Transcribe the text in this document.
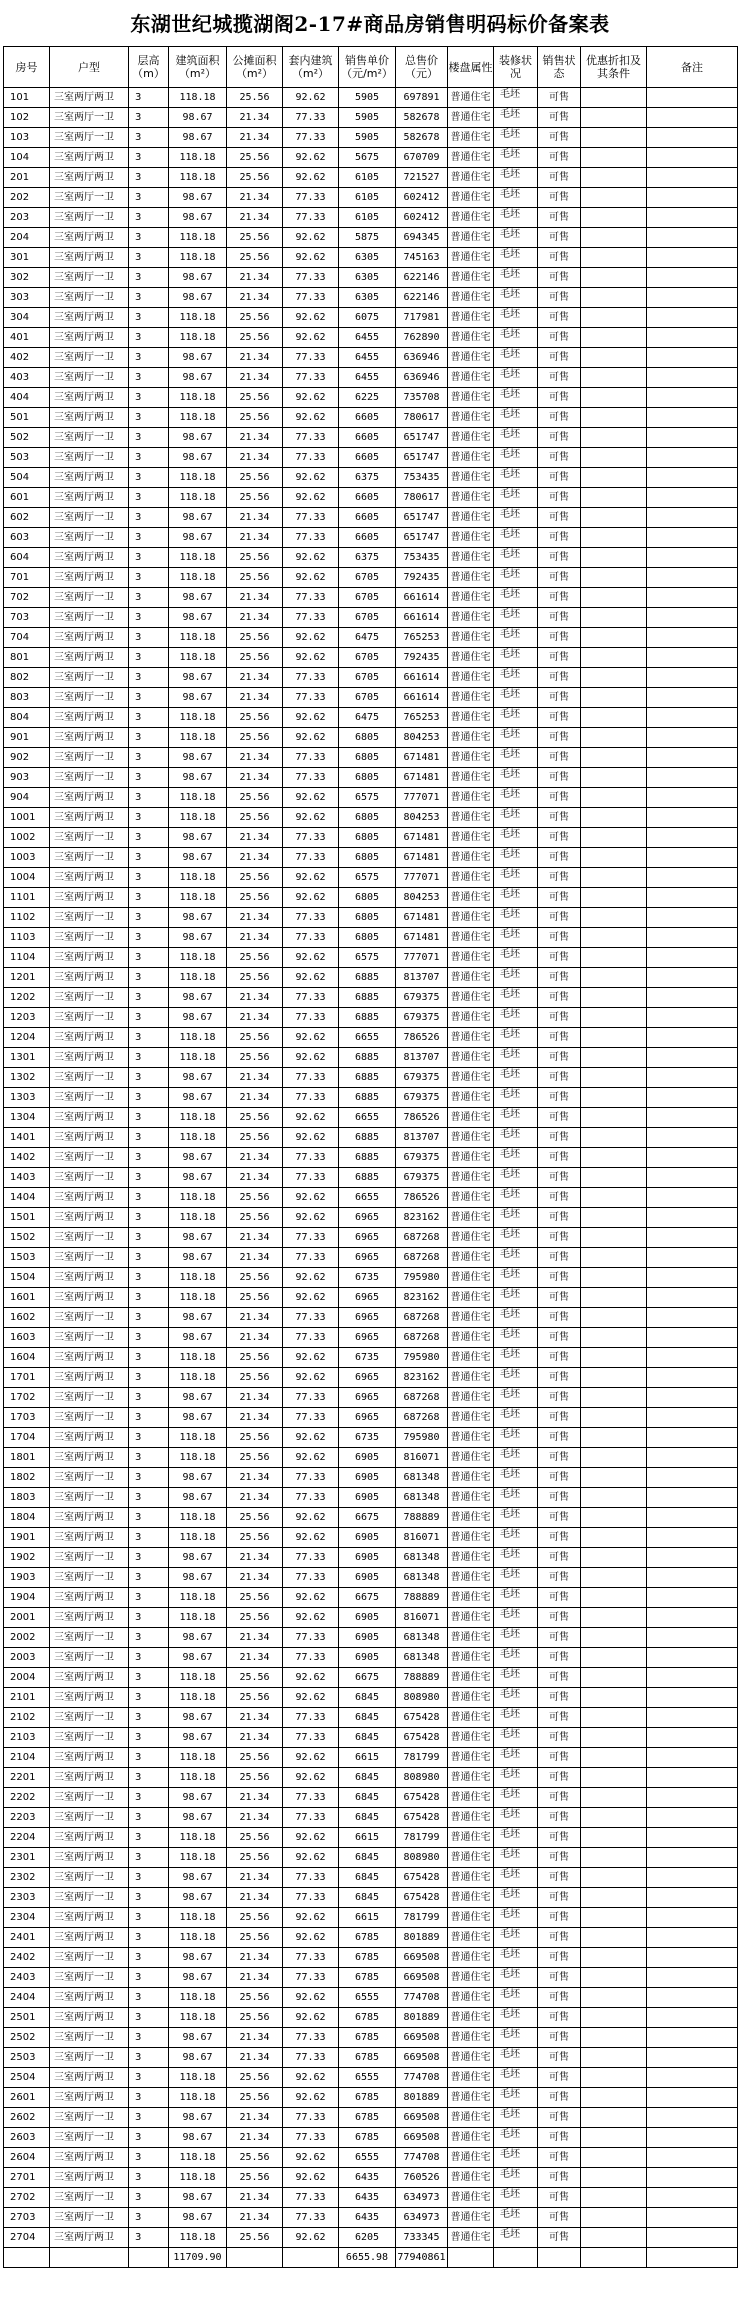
东湖世纪城揽湖阁2-17#商品房销售明码标价备案表
房号	户型	层高（m）	建筑面积（m²）	公摊面积（m²）	套内建筑（m²）	销售单价（元/m²）	总售价（元）	楼盘属性	装修状况	销售状态	优惠折扣及其条件	备注
101	三室两厅两卫	3	118.18	25.56	92.62	5905	697891	普通住宅	毛坯	可售		
102	三室两厅一卫	3	98.67	21.34	77.33	5905	582678	普通住宅	毛坯	可售		
103	三室两厅一卫	3	98.67	21.34	77.33	5905	582678	普通住宅	毛坯	可售		
104	三室两厅两卫	3	118.18	25.56	92.62	5675	670709	普通住宅	毛坯	可售		
201	三室两厅两卫	3	118.18	25.56	92.62	6105	721527	普通住宅	毛坯	可售		
202	三室两厅一卫	3	98.67	21.34	77.33	6105	602412	普通住宅	毛坯	可售		
203	三室两厅一卫	3	98.67	21.34	77.33	6105	602412	普通住宅	毛坯	可售		
204	三室两厅两卫	3	118.18	25.56	92.62	5875	694345	普通住宅	毛坯	可售		
301	三室两厅两卫	3	118.18	25.56	92.62	6305	745163	普通住宅	毛坯	可售		
302	三室两厅一卫	3	98.67	21.34	77.33	6305	622146	普通住宅	毛坯	可售		
303	三室两厅一卫	3	98.67	21.34	77.33	6305	622146	普通住宅	毛坯	可售		
304	三室两厅两卫	3	118.18	25.56	92.62	6075	717981	普通住宅	毛坯	可售		
401	三室两厅两卫	3	118.18	25.56	92.62	6455	762890	普通住宅	毛坯	可售		
402	三室两厅一卫	3	98.67	21.34	77.33	6455	636946	普通住宅	毛坯	可售		
403	三室两厅一卫	3	98.67	21.34	77.33	6455	636946	普通住宅	毛坯	可售		
404	三室两厅两卫	3	118.18	25.56	92.62	6225	735708	普通住宅	毛坯	可售		
501	三室两厅两卫	3	118.18	25.56	92.62	6605	780617	普通住宅	毛坯	可售		
502	三室两厅一卫	3	98.67	21.34	77.33	6605	651747	普通住宅	毛坯	可售		
503	三室两厅一卫	3	98.67	21.34	77.33	6605	651747	普通住宅	毛坯	可售		
504	三室两厅两卫	3	118.18	25.56	92.62	6375	753435	普通住宅	毛坯	可售		
601	三室两厅两卫	3	118.18	25.56	92.62	6605	780617	普通住宅	毛坯	可售		
602	三室两厅一卫	3	98.67	21.34	77.33	6605	651747	普通住宅	毛坯	可售		
603	三室两厅一卫	3	98.67	21.34	77.33	6605	651747	普通住宅	毛坯	可售		
604	三室两厅两卫	3	118.18	25.56	92.62	6375	753435	普通住宅	毛坯	可售		
701	三室两厅两卫	3	118.18	25.56	92.62	6705	792435	普通住宅	毛坯	可售		
702	三室两厅一卫	3	98.67	21.34	77.33	6705	661614	普通住宅	毛坯	可售		
703	三室两厅一卫	3	98.67	21.34	77.33	6705	661614	普通住宅	毛坯	可售		
704	三室两厅两卫	3	118.18	25.56	92.62	6475	765253	普通住宅	毛坯	可售		
801	三室两厅两卫	3	118.18	25.56	92.62	6705	792435	普通住宅	毛坯	可售		
802	三室两厅一卫	3	98.67	21.34	77.33	6705	661614	普通住宅	毛坯	可售		
803	三室两厅一卫	3	98.67	21.34	77.33	6705	661614	普通住宅	毛坯	可售		
804	三室两厅两卫	3	118.18	25.56	92.62	6475	765253	普通住宅	毛坯	可售		
901	三室两厅两卫	3	118.18	25.56	92.62	6805	804253	普通住宅	毛坯	可售		
902	三室两厅一卫	3	98.67	21.34	77.33	6805	671481	普通住宅	毛坯	可售		
903	三室两厅一卫	3	98.67	21.34	77.33	6805	671481	普通住宅	毛坯	可售		
904	三室两厅两卫	3	118.18	25.56	92.62	6575	777071	普通住宅	毛坯	可售		
1001	三室两厅两卫	3	118.18	25.56	92.62	6805	804253	普通住宅	毛坯	可售		
1002	三室两厅一卫	3	98.67	21.34	77.33	6805	671481	普通住宅	毛坯	可售		
1003	三室两厅一卫	3	98.67	21.34	77.33	6805	671481	普通住宅	毛坯	可售		
1004	三室两厅两卫	3	118.18	25.56	92.62	6575	777071	普通住宅	毛坯	可售		
1101	三室两厅两卫	3	118.18	25.56	92.62	6805	804253	普通住宅	毛坯	可售		
1102	三室两厅一卫	3	98.67	21.34	77.33	6805	671481	普通住宅	毛坯	可售		
1103	三室两厅一卫	3	98.67	21.34	77.33	6805	671481	普通住宅	毛坯	可售		
1104	三室两厅两卫	3	118.18	25.56	92.62	6575	777071	普通住宅	毛坯	可售		
1201	三室两厅两卫	3	118.18	25.56	92.62	6885	813707	普通住宅	毛坯	可售		
1202	三室两厅一卫	3	98.67	21.34	77.33	6885	679375	普通住宅	毛坯	可售		
1203	三室两厅一卫	3	98.67	21.34	77.33	6885	679375	普通住宅	毛坯	可售		
1204	三室两厅两卫	3	118.18	25.56	92.62	6655	786526	普通住宅	毛坯	可售		
1301	三室两厅两卫	3	118.18	25.56	92.62	6885	813707	普通住宅	毛坯	可售		
1302	三室两厅一卫	3	98.67	21.34	77.33	6885	679375	普通住宅	毛坯	可售		
1303	三室两厅一卫	3	98.67	21.34	77.33	6885	679375	普通住宅	毛坯	可售		
1304	三室两厅两卫	3	118.18	25.56	92.62	6655	786526	普通住宅	毛坯	可售		
1401	三室两厅两卫	3	118.18	25.56	92.62	6885	813707	普通住宅	毛坯	可售		
1402	三室两厅一卫	3	98.67	21.34	77.33	6885	679375	普通住宅	毛坯	可售		
1403	三室两厅一卫	3	98.67	21.34	77.33	6885	679375	普通住宅	毛坯	可售		
1404	三室两厅两卫	3	118.18	25.56	92.62	6655	786526	普通住宅	毛坯	可售		
1501	三室两厅两卫	3	118.18	25.56	92.62	6965	823162	普通住宅	毛坯	可售		
1502	三室两厅一卫	3	98.67	21.34	77.33	6965	687268	普通住宅	毛坯	可售		
1503	三室两厅一卫	3	98.67	21.34	77.33	6965	687268	普通住宅	毛坯	可售		
1504	三室两厅两卫	3	118.18	25.56	92.62	6735	795980	普通住宅	毛坯	可售		
1601	三室两厅两卫	3	118.18	25.56	92.62	6965	823162	普通住宅	毛坯	可售		
1602	三室两厅一卫	3	98.67	21.34	77.33	6965	687268	普通住宅	毛坯	可售		
1603	三室两厅一卫	3	98.67	21.34	77.33	6965	687268	普通住宅	毛坯	可售		
1604	三室两厅两卫	3	118.18	25.56	92.62	6735	795980	普通住宅	毛坯	可售		
1701	三室两厅两卫	3	118.18	25.56	92.62	6965	823162	普通住宅	毛坯	可售		
1702	三室两厅一卫	3	98.67	21.34	77.33	6965	687268	普通住宅	毛坯	可售		
1703	三室两厅一卫	3	98.67	21.34	77.33	6965	687268	普通住宅	毛坯	可售		
1704	三室两厅两卫	3	118.18	25.56	92.62	6735	795980	普通住宅	毛坯	可售		
1801	三室两厅两卫	3	118.18	25.56	92.62	6905	816071	普通住宅	毛坯	可售		
1802	三室两厅一卫	3	98.67	21.34	77.33	6905	681348	普通住宅	毛坯	可售		
1803	三室两厅一卫	3	98.67	21.34	77.33	6905	681348	普通住宅	毛坯	可售		
1804	三室两厅两卫	3	118.18	25.56	92.62	6675	788889	普通住宅	毛坯	可售		
1901	三室两厅两卫	3	118.18	25.56	92.62	6905	816071	普通住宅	毛坯	可售		
1902	三室两厅一卫	3	98.67	21.34	77.33	6905	681348	普通住宅	毛坯	可售		
1903	三室两厅一卫	3	98.67	21.34	77.33	6905	681348	普通住宅	毛坯	可售		
1904	三室两厅两卫	3	118.18	25.56	92.62	6675	788889	普通住宅	毛坯	可售		
2001	三室两厅两卫	3	118.18	25.56	92.62	6905	816071	普通住宅	毛坯	可售		
2002	三室两厅一卫	3	98.67	21.34	77.33	6905	681348	普通住宅	毛坯	可售		
2003	三室两厅一卫	3	98.67	21.34	77.33	6905	681348	普通住宅	毛坯	可售		
2004	三室两厅两卫	3	118.18	25.56	92.62	6675	788889	普通住宅	毛坯	可售		
2101	三室两厅两卫	3	118.18	25.56	92.62	6845	808980	普通住宅	毛坯	可售		
2102	三室两厅一卫	3	98.67	21.34	77.33	6845	675428	普通住宅	毛坯	可售		
2103	三室两厅一卫	3	98.67	21.34	77.33	6845	675428	普通住宅	毛坯	可售		
2104	三室两厅两卫	3	118.18	25.56	92.62	6615	781799	普通住宅	毛坯	可售		
2201	三室两厅两卫	3	118.18	25.56	92.62	6845	808980	普通住宅	毛坯	可售		
2202	三室两厅一卫	3	98.67	21.34	77.33	6845	675428	普通住宅	毛坯	可售		
2203	三室两厅一卫	3	98.67	21.34	77.33	6845	675428	普通住宅	毛坯	可售		
2204	三室两厅两卫	3	118.18	25.56	92.62	6615	781799	普通住宅	毛坯	可售		
2301	三室两厅两卫	3	118.18	25.56	92.62	6845	808980	普通住宅	毛坯	可售		
2302	三室两厅一卫	3	98.67	21.34	77.33	6845	675428	普通住宅	毛坯	可售		
2303	三室两厅一卫	3	98.67	21.34	77.33	6845	675428	普通住宅	毛坯	可售		
2304	三室两厅两卫	3	118.18	25.56	92.62	6615	781799	普通住宅	毛坯	可售		
2401	三室两厅两卫	3	118.18	25.56	92.62	6785	801889	普通住宅	毛坯	可售		
2402	三室两厅一卫	3	98.67	21.34	77.33	6785	669508	普通住宅	毛坯	可售		
2403	三室两厅一卫	3	98.67	21.34	77.33	6785	669508	普通住宅	毛坯	可售		
2404	三室两厅两卫	3	118.18	25.56	92.62	6555	774708	普通住宅	毛坯	可售		
2501	三室两厅两卫	3	118.18	25.56	92.62	6785	801889	普通住宅	毛坯	可售		
2502	三室两厅一卫	3	98.67	21.34	77.33	6785	669508	普通住宅	毛坯	可售		
2503	三室两厅一卫	3	98.67	21.34	77.33	6785	669508	普通住宅	毛坯	可售		
2504	三室两厅两卫	3	118.18	25.56	92.62	6555	774708	普通住宅	毛坯	可售		
2601	三室两厅两卫	3	118.18	25.56	92.62	6785	801889	普通住宅	毛坯	可售		
2602	三室两厅一卫	3	98.67	21.34	77.33	6785	669508	普通住宅	毛坯	可售		
2603	三室两厅一卫	3	98.67	21.34	77.33	6785	669508	普通住宅	毛坯	可售		
2604	三室两厅两卫	3	118.18	25.56	92.62	6555	774708	普通住宅	毛坯	可售		
2701	三室两厅两卫	3	118.18	25.56	92.62	6435	760526	普通住宅	毛坯	可售		
2702	三室两厅一卫	3	98.67	21.34	77.33	6435	634973	普通住宅	毛坯	可售		
2703	三室两厅一卫	3	98.67	21.34	77.33	6435	634973	普通住宅	毛坯	可售		
2704	三室两厅两卫	3	118.18	25.56	92.62	6205	733345	普通住宅	毛坯	可售		
			11709.90			6655.98	77940861					
